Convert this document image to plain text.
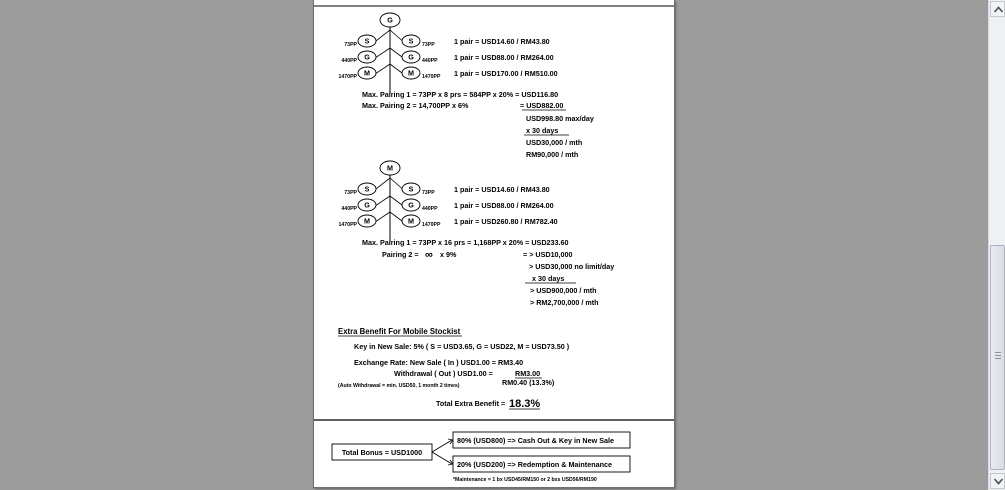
G
S
73PP	S 73PP	1 pair = USD14.60 / RM43.80
G
440PP	G 440PP 1 pair = USD88.00 / RM264.00
M
1470PP	M 1470PP 1 pair = USD170.00 / RM510.00
Max. Pairing 1 = 73PP x 8 prs = 584PP x 20% = USD116.80
Max. Pairing 2 = 14,700PP x 6%	= USD882.00
USD998.80 max/day
x 30 days
USD30,000 / mth
RM90,000 / mth
M
S
73PP	S 73PP	1 pair = USD14.60 / RM43.80
G
440PP	G 440PP 1 pair = USD88.00 / RM264.00
M
1470PP	M 1470PP 1 pair = USD260.80 / RM782.40
Max. Pairing 1 = 73PP x 16 prs = 1,168PP x 20% = USD233.60
Pairing 2 = ∞ x 9%	= > USD10,000
> USD30,000 no limit/day
x 30 days
> USD900,000 / mth
> RM2,700,000 / mth
Extra Benefit For Mobile Stockist
Key in New Sale: 5% ( S = USD3.65, G = USD22, M = USD73.50 )
Exchange Rate: New Sale ( In ) USD1.00 = RM3.40
Withdrawal ( Out ) USD1.00 =	RM3.00
(Auto Withdrawal = min. USD50, 1 month 2 times)	RM0.40 (13.3%)
Total Extra Benefit = 18.3%
Total Bonus = USD1000
80% (USD800) => Cash Out & Key in New Sale
20% (USD200) => Redemption & Maintenance
*Maintenance = 1 bx USD45/RM150 or 2 bxs USD56/RM190
